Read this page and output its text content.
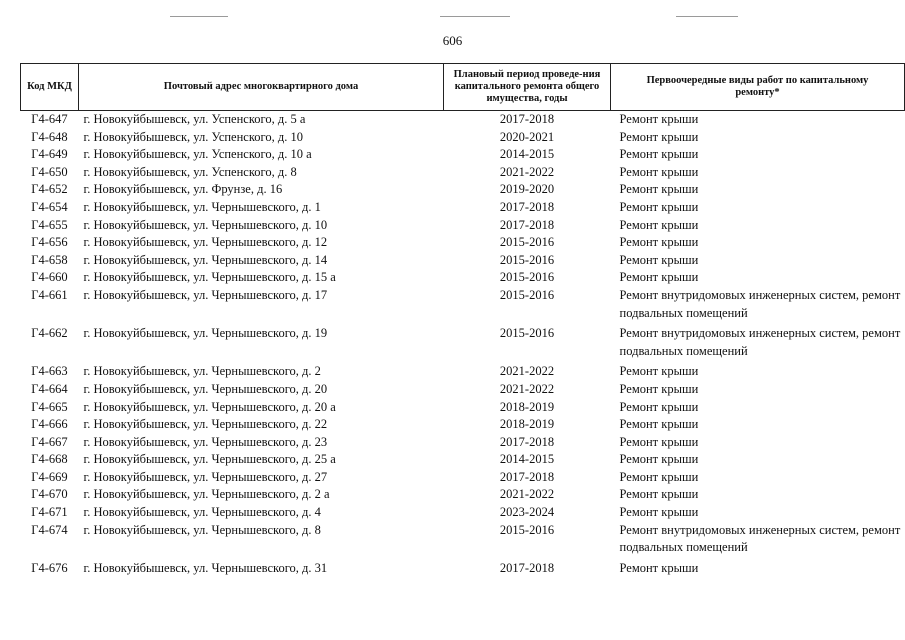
606
Код МКД	Почтовый адрес многоквартирного дома	Плановый период проведе-ния капитального ремонта общего имущества, годы	Первоочередные виды работ по капитальному ремонту*
Г4-647	г. Новокуйбышевск, ул. Успенского, д. 5 а	2017-2018	Ремонт крыши
Г4-648	г. Новокуйбышевск, ул. Успенского, д. 10	2020-2021	Ремонт крыши
Г4-649	г. Новокуйбышевск, ул. Успенского, д. 10 а	2014-2015	Ремонт крыши
Г4-650	г. Новокуйбышевск, ул. Успенского, д. 8	2021-2022	Ремонт крыши
Г4-652	г. Новокуйбышевск, ул. Фрунзе, д. 16	2019-2020	Ремонт крыши
Г4-654	г. Новокуйбышевск, ул. Чернышевского, д. 1	2017-2018	Ремонт крыши
Г4-655	г. Новокуйбышевск, ул. Чернышевского, д. 10	2017-2018	Ремонт крыши
Г4-656	г. Новокуйбышевск, ул. Чернышевского, д. 12	2015-2016	Ремонт крыши
Г4-658	г. Новокуйбышевск, ул. Чернышевского, д. 14	2015-2016	Ремонт крыши
Г4-660	г. Новокуйбышевск, ул. Чернышевского, д. 15 а	2015-2016	Ремонт крыши
Г4-661	г. Новокуйбышевск, ул. Чернышевского, д. 17	2015-2016	Ремонт внутридомовых инженерных систем, ремонт подвальных помещений
Г4-662	г. Новокуйбышевск, ул. Чернышевского, д. 19	2015-2016	Ремонт внутридомовых инженерных систем, ремонт подвальных помещений
Г4-663	г. Новокуйбышевск, ул. Чернышевского, д. 2	2021-2022	Ремонт крыши
Г4-664	г. Новокуйбышевск, ул. Чернышевского, д. 20	2021-2022	Ремонт крыши
Г4-665	г. Новокуйбышевск, ул. Чернышевского, д. 20 а	2018-2019	Ремонт крыши
Г4-666	г. Новокуйбышевск, ул. Чернышевского, д. 22	2018-2019	Ремонт крыши
Г4-667	г. Новокуйбышевск, ул. Чернышевского, д. 23	2017-2018	Ремонт крыши
Г4-668	г. Новокуйбышевск, ул. Чернышевского, д. 25 а	2014-2015	Ремонт крыши
Г4-669	г. Новокуйбышевск, ул. Чернышевского, д. 27	2017-2018	Ремонт крыши
Г4-670	г. Новокуйбышевск, ул. Чернышевского, д. 2 а	2021-2022	Ремонт крыши
Г4-671	г. Новокуйбышевск, ул. Чернышевского, д. 4	2023-2024	Ремонт крыши
Г4-674	г. Новокуйбышевск, ул. Чернышевского, д. 8	2015-2016	Ремонт внутридомовых инженерных систем, ремонт подвальных помещений
Г4-676	г. Новокуйбышевск, ул. Чернышевского, д. 31	2017-2018	Ремонт крыши
